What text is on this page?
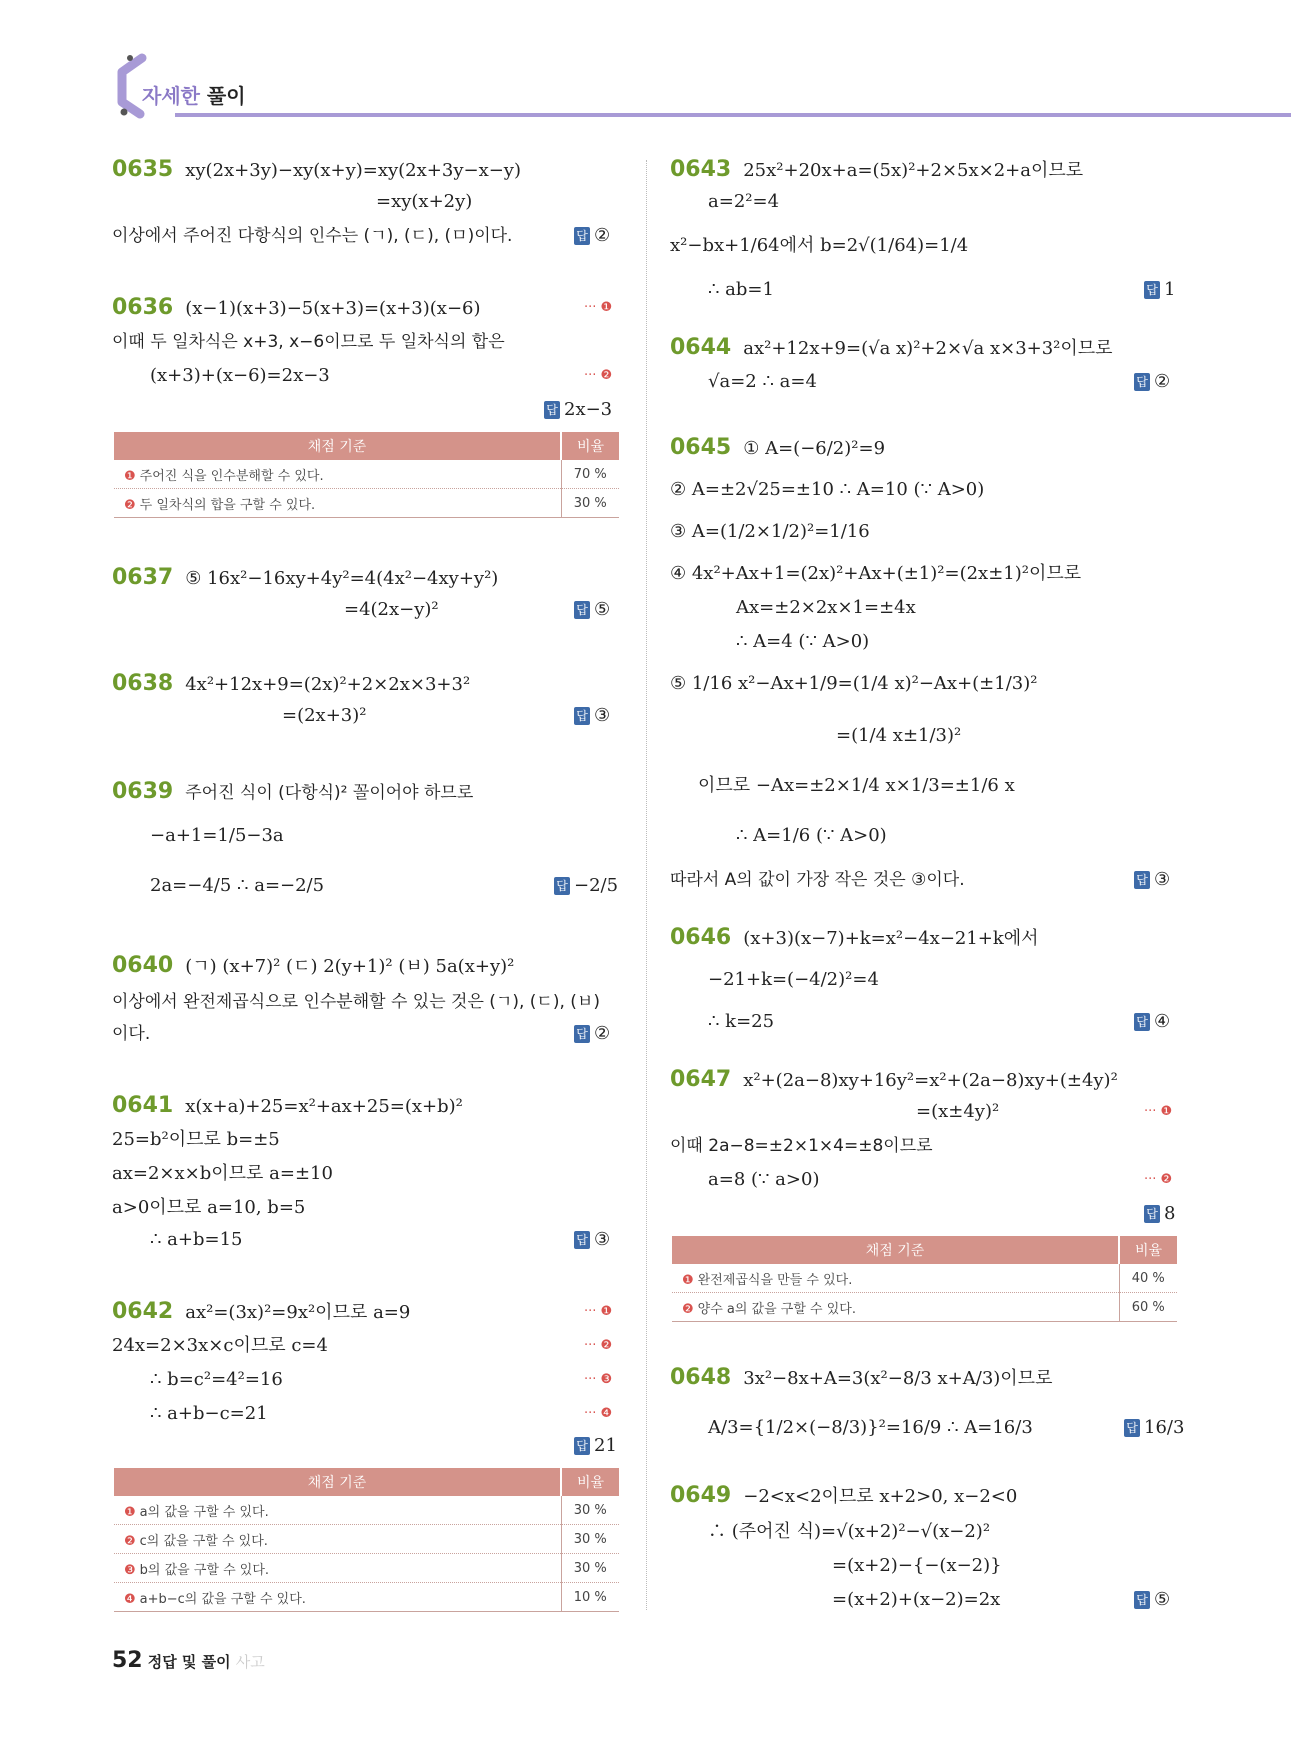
자세한 풀이
0635 xy(2x+3y)−xy(x+y)=xy(2x+3y−x−y)
=xy(x+2y)
이상에서 주어진 다항식의 인수는 (ㄱ), (ㄷ), (ㅁ)이다.	답 ②
0636 (x−1)(x+3)−5(x+3)=(x+3)(x−6)	··· ❶
이때 두 일차식은 x+3, x−6이므로 두 일차식의 합은
(x+3)+(x−6)=2x−3	··· ❷
답 2x−3
채점 기준	비율
❶ 주어진 식을 인수분해할 수 있다.	70 %
❷ 두 일차식의 합을 구할 수 있다.	30 %
0637 ⑤ 16x²−16xy+4y²=4(4x²−4xy+y²)
=4(2x−y)²	답 ⑤
0638 4x²+12x+9=(2x)²+2×2x×3+3²
=(2x+3)²	답 ③
0639 주어진 식이 (다항식)² 꼴이어야 하므로
−a+1=1/5−3a
2a=−4/5 ∴ a=−2/5	답 −2/5
0640 (ㄱ) (x+7)² (ㄷ) 2(y+1)² (ㅂ) 5a(x+y)²
이상에서 완전제곱식으로 인수분해할 수 있는 것은 (ㄱ), (ㄷ), (ㅂ)
이다.	답 ②
0641 x(x+a)+25=x²+ax+25=(x+b)²
25=b²이므로 b=±5
ax=2×x×b이므로 a=±10
a>0이므로 a=10, b=5
∴ a+b=15	답 ③
0642 ax²=(3x)²=9x²이므로 a=9	··· ❶
24x=2×3x×c이므로 c=4	··· ❷
∴ b=c²=4²=16	··· ❸
∴ a+b−c=21	··· ❹
답 21
채점 기준	비율
❶ a의 값을 구할 수 있다.	30 %
❷ c의 값을 구할 수 있다.	30 %
❸ b의 값을 구할 수 있다.	30 %
❹ a+b−c의 값을 구할 수 있다.	10 %
0643 25x²+20x+a=(5x)²+2×5x×2+a이므로
a=2²=4
x²−bx+1/64에서 b=2√(1/64)=1/4
∴ ab=1	답 1
0644 ax²+12x+9=(√a x)²+2×√a x×3+3²이므로
√a=2 ∴ a=4	답 ②
0645 ① A=(−6/2)²=9
② A=±2√25=±10 ∴ A=10 (∵ A>0)
③ A=(1/2×1/2)²=1/16
④ 4x²+Ax+1=(2x)²+Ax+(±1)²=(2x±1)²이므로
Ax=±2×2x×1=±4x
∴ A=4 (∵ A>0)
⑤ 1/16 x²−Ax+1/9=(1/4 x)²−Ax+(±1/3)²
=(1/4 x±1/3)²
이므로 −Ax=±2×1/4 x×1/3=±1/6 x
∴ A=1/6 (∵ A>0)
따라서 A의 값이 가장 작은 것은 ③이다.	답 ③
0646 (x+3)(x−7)+k=x²−4x−21+k에서
−21+k=(−4/2)²=4
∴ k=25	답 ④
0647 x²+(2a−8)xy+16y²=x²+(2a−8)xy+(±4y)²
=(x±4y)²	··· ❶
이때 2a−8=±2×1×4=±8이므로
a=8 (∵ a>0)	··· ❷
답 8
채점 기준	비율
❶ 완전제곱식을 만들 수 있다.	40 %
❷ 양수 a의 값을 구할 수 있다.	60 %
0648 3x²−8x+A=3(x²−8/3 x+A/3)이므로
A/3={1/2×(−8/3)}²=16/9 ∴ A=16/3	답 16/3
0649 −2<x<2이므로 x+2>0, x−2<0
∴ (주어진 식)=√(x+2)²−√(x−2)²
=(x+2)−{−(x−2)}
=(x+2)+(x−2)=2x	답 ⑤
52 정답 및 풀이 사고
